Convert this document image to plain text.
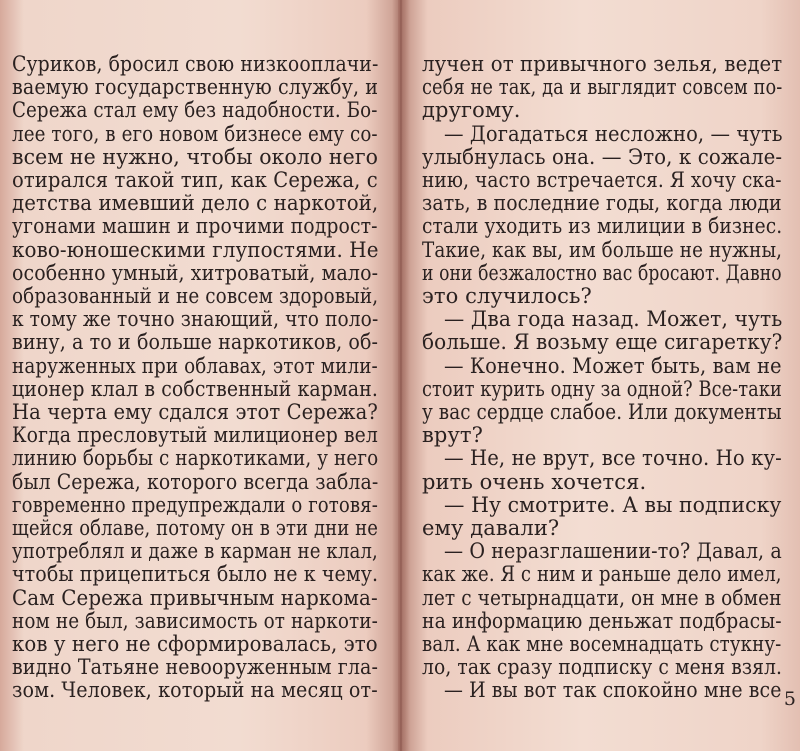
Суриков, бросил свою низкооплачи-
ваемую государственную службу, и
Сережа стал ему без надобности. Бо-
лее того, в его новом бизнесе ему со-
всем не нужно, чтобы около него
отирался такой тип, как Сережа, с
детства имевший дело с наркотой,
угонами машин и прочими подрост-
ково-юношескими глупостями. Не
особенно умный, хитроватый, мало-
образованный и не совсем здоровый,
к тому же точно знающий, что поло-
вину, а то и больше наркотиков, об-
наруженных при облавах, этот мили-
ционер клал в собственный карман.
На черта ему сдался этот Сережа?
Когда пресловутый милиционер вел
линию борьбы с наркотиками, у него
был Сережа, которого всегда забла-
говременно предупреждали о готовя-
щейся облаве, потому он в эти дни не
употреблял и даже в карман не клал,
чтобы прицепиться было не к чему.
Сам Сережа привычным наркома-
ном не был, зависимость от наркоти-
ков у него не сформировалась, это
видно Татьяне невооруженным гла-
зом. Человек, который на месяц от-	5
лучен от привычного зелья, ведет
себя не так, да и выглядит совсем по-
другому.
— Догадаться несложно, — чуть
улыбнулась она. — Это, к сожале-
нию, часто встречается. Я хочу ска-
зать, в последние годы, когда люди
стали уходить из милиции в бизнес.
Такие, как вы, им больше не нужны,
и они безжалостно вас бросают. Давно
это случилось?
— Два года назад. Может, чуть
больше. Я возьму еще сигаретку?
— Конечно. Может быть, вам не
стоит курить одну за одной? Все-таки
у вас сердце слабое. Или документы
врут?
— Не, не врут, все точно. Но ку-
рить очень хочется.
— Ну смотрите. А вы подписку
ему давали?
— О неразглашении-то? Давал, а
как же. Я с ним и раньше дело имел,
лет с четырнадцати, он мне в обмен
на информацию деньжат подбрасы-
вал. А как мне восемнадцать стукну-
ло, так сразу подписку с меня взял.
— И вы вот так спокойно мне все
